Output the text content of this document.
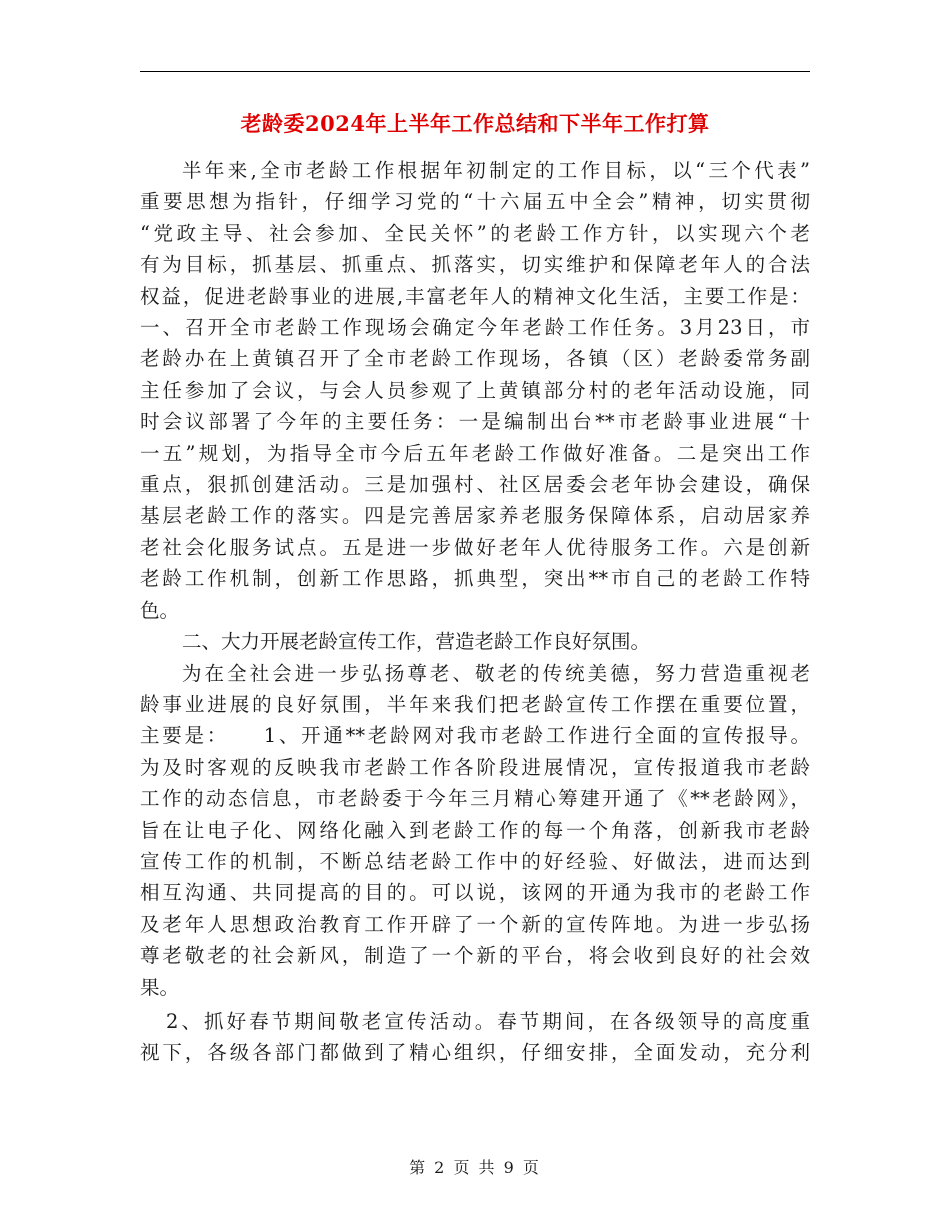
老龄委2024年上半年工作总结和下半年工作打算
半年来,全市老龄工作根据年初制定的工作目标，以“三个代表”
重要思想为指针，仔细学习党的“十六届五中全会”精神，切实贯彻
“党政主导、社会参加、全民关怀”的老龄工作方针，以实现六个老
有为目标，抓基层、抓重点、抓落实，切实维护和保障老年人的合法
权益，促进老龄事业的进展,丰富老年人的精神文化生活，主要工作是：
一、召开全市老龄工作现场会确定今年老龄工作任务。3月23日，市
老龄办在上黄镇召开了全市老龄工作现场，各镇（区）老龄委常务副
主任参加了会议，与会人员参观了上黄镇部分村的老年活动设施，同
时会议部署了今年的主要任务：一是编制出台**市老龄事业进展“十
一五”规划，为指导全市今后五年老龄工作做好准备。二是突出工作
重点，狠抓创建活动。三是加强村、社区居委会老年协会建设，确保
基层老龄工作的落实。四是完善居家养老服务保障体系，启动居家养
老社会化服务试点。五是进一步做好老年人优待服务工作。六是创新
老龄工作机制，创新工作思路，抓典型，突出**市自己的老龄工作特
色。
二、大力开展老龄宣传工作，营造老龄工作良好氛围。
为在全社会进一步弘扬尊老、敬老的传统美德，努力营造重视老
龄事业进展的良好氛围，半年来我们把老龄宣传工作摆在重要位置，
主要是：　　1、开通**老龄网对我市老龄工作进行全面的宣传报导。
为及时客观的反映我市老龄工作各阶段进展情况，宣传报道我市老龄
工作的动态信息，市老龄委于今年三月精心筹建开通了《**老龄网》，
旨在让电子化、网络化融入到老龄工作的每一个角落，创新我市老龄
宣传工作的机制，不断总结老龄工作中的好经验、好做法，进而达到
相互沟通、共同提高的目的。可以说，该网的开通为我市的老龄工作
及老年人思想政治教育工作开辟了一个新的宣传阵地。为进一步弘扬
尊老敬老的社会新风，制造了一个新的平台，将会收到良好的社会效
果。
2、抓好春节期间敬老宣传活动。春节期间，在各级领导的高度重
视下，各级各部门都做到了精心组织，仔细安排，全面发动，充分利
第 2 页 共 9 页
